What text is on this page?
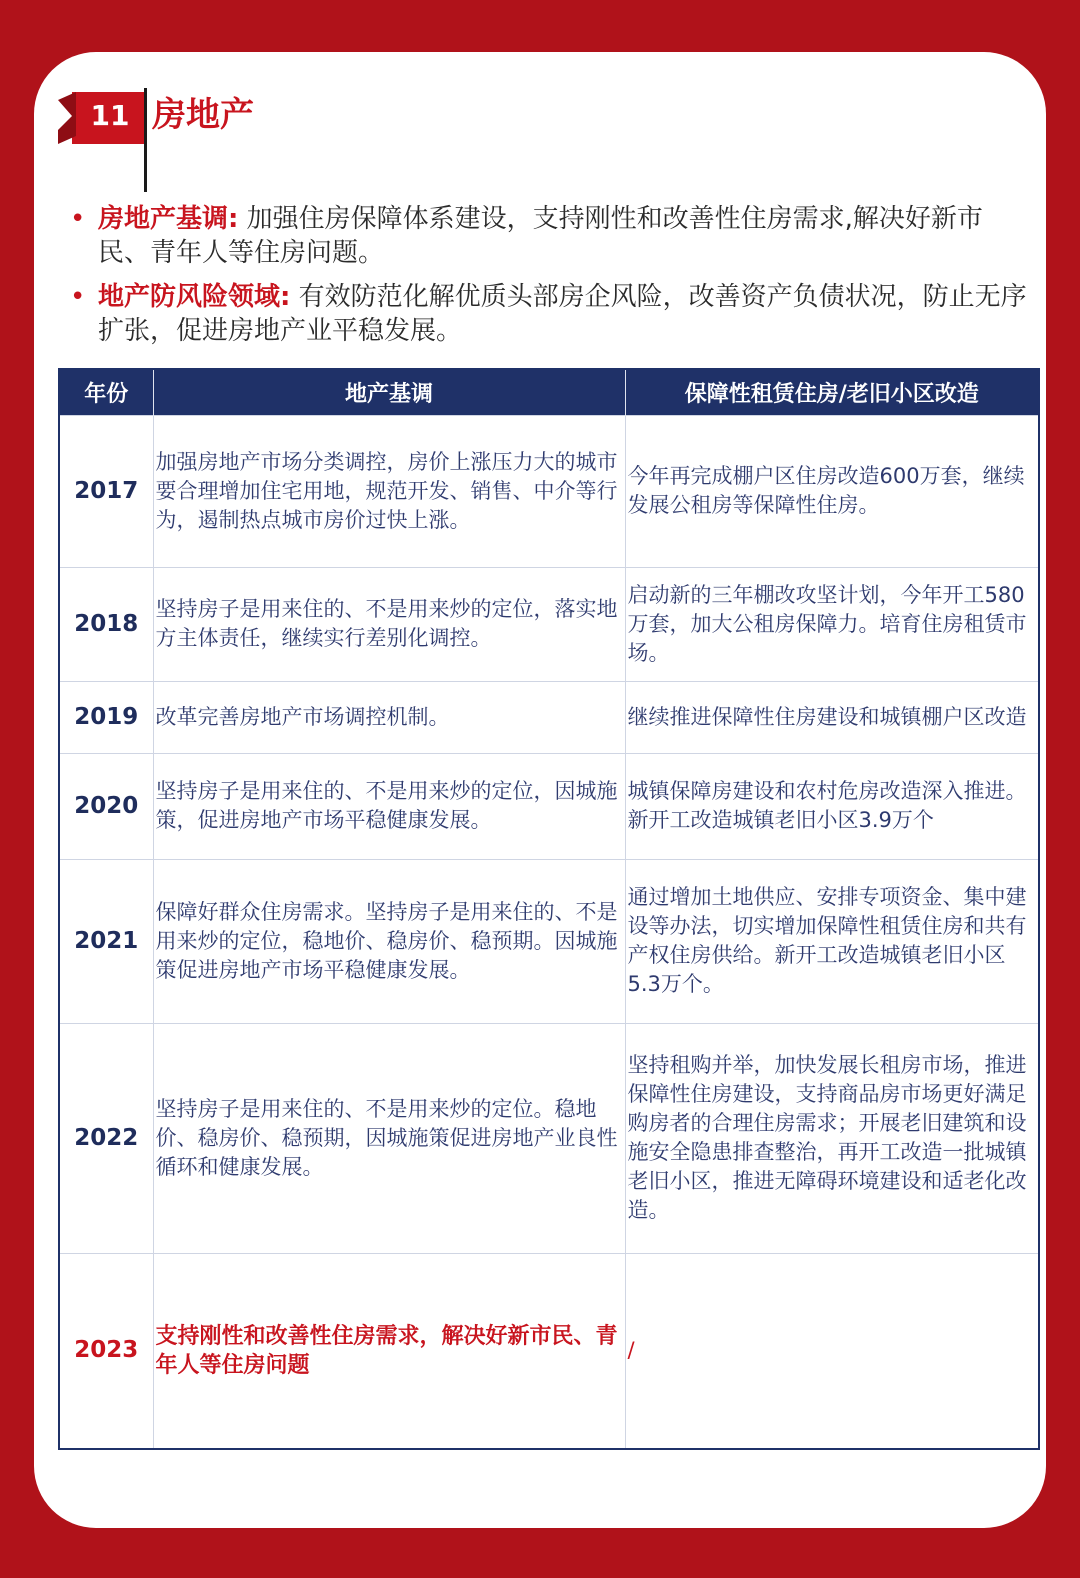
11 房地产
• 房地产基调: 加强住房保障体系建设，支持刚性和改善性住房需求,解决好新市民、青年人等住房问题。
• 地产防风险领域: 有效防范化解优质头部房企风险，改善资产负债状况，防止无序扩张，促进房地产业平稳发展。
年份	地产基调	保障性租赁住房/老旧小区改造
2017	加强房地产市场分类调控，房价上涨压力大的城市要合理增加住宅用地，规范开发、销售、中介等行为，遏制热点城市房价过快上涨。	今年再完成棚户区住房改造600万套，继续发展公租房等保障性住房。
2018	坚持房子是用来住的、不是用来炒的定位，落实地方主体责任，继续实行差别化调控。	启动新的三年棚改攻坚计划，今年开工580万套，加大公租房保障力。培育住房租赁市场。
2019	改革完善房地产市场调控机制。	继续推进保障性住房建设和城镇棚户区改造
2020	坚持房子是用来住的、不是用来炒的定位，因城施策，促进房地产市场平稳健康发展。	城镇保障房建设和农村危房改造深入推进。新开工改造城镇老旧小区3.9万个
2021	保障好群众住房需求。坚持房子是用来住的、不是用来炒的定位，稳地价、稳房价、稳预期。因城施策促进房地产市场平稳健康发展。	通过增加土地供应、安排专项资金、集中建设等办法，切实增加保障性租赁住房和共有产权住房供给。新开工改造城镇老旧小区5.3万个。
2022	坚持房子是用来住的、不是用来炒的定位。稳地价、稳房价、稳预期，因城施策促进房地产业良性循环和健康发展。	坚持租购并举，加快发展长租房市场，推进保障性住房建设，支持商品房市场更好满足购房者的合理住房需求；开展老旧建筑和设施安全隐患排查整治，再开工改造一批城镇老旧小区，推进无障碍环境建设和适老化改造。
2023	支持刚性和改善性住房需求，解决好新市民、青年人等住房问题	/
